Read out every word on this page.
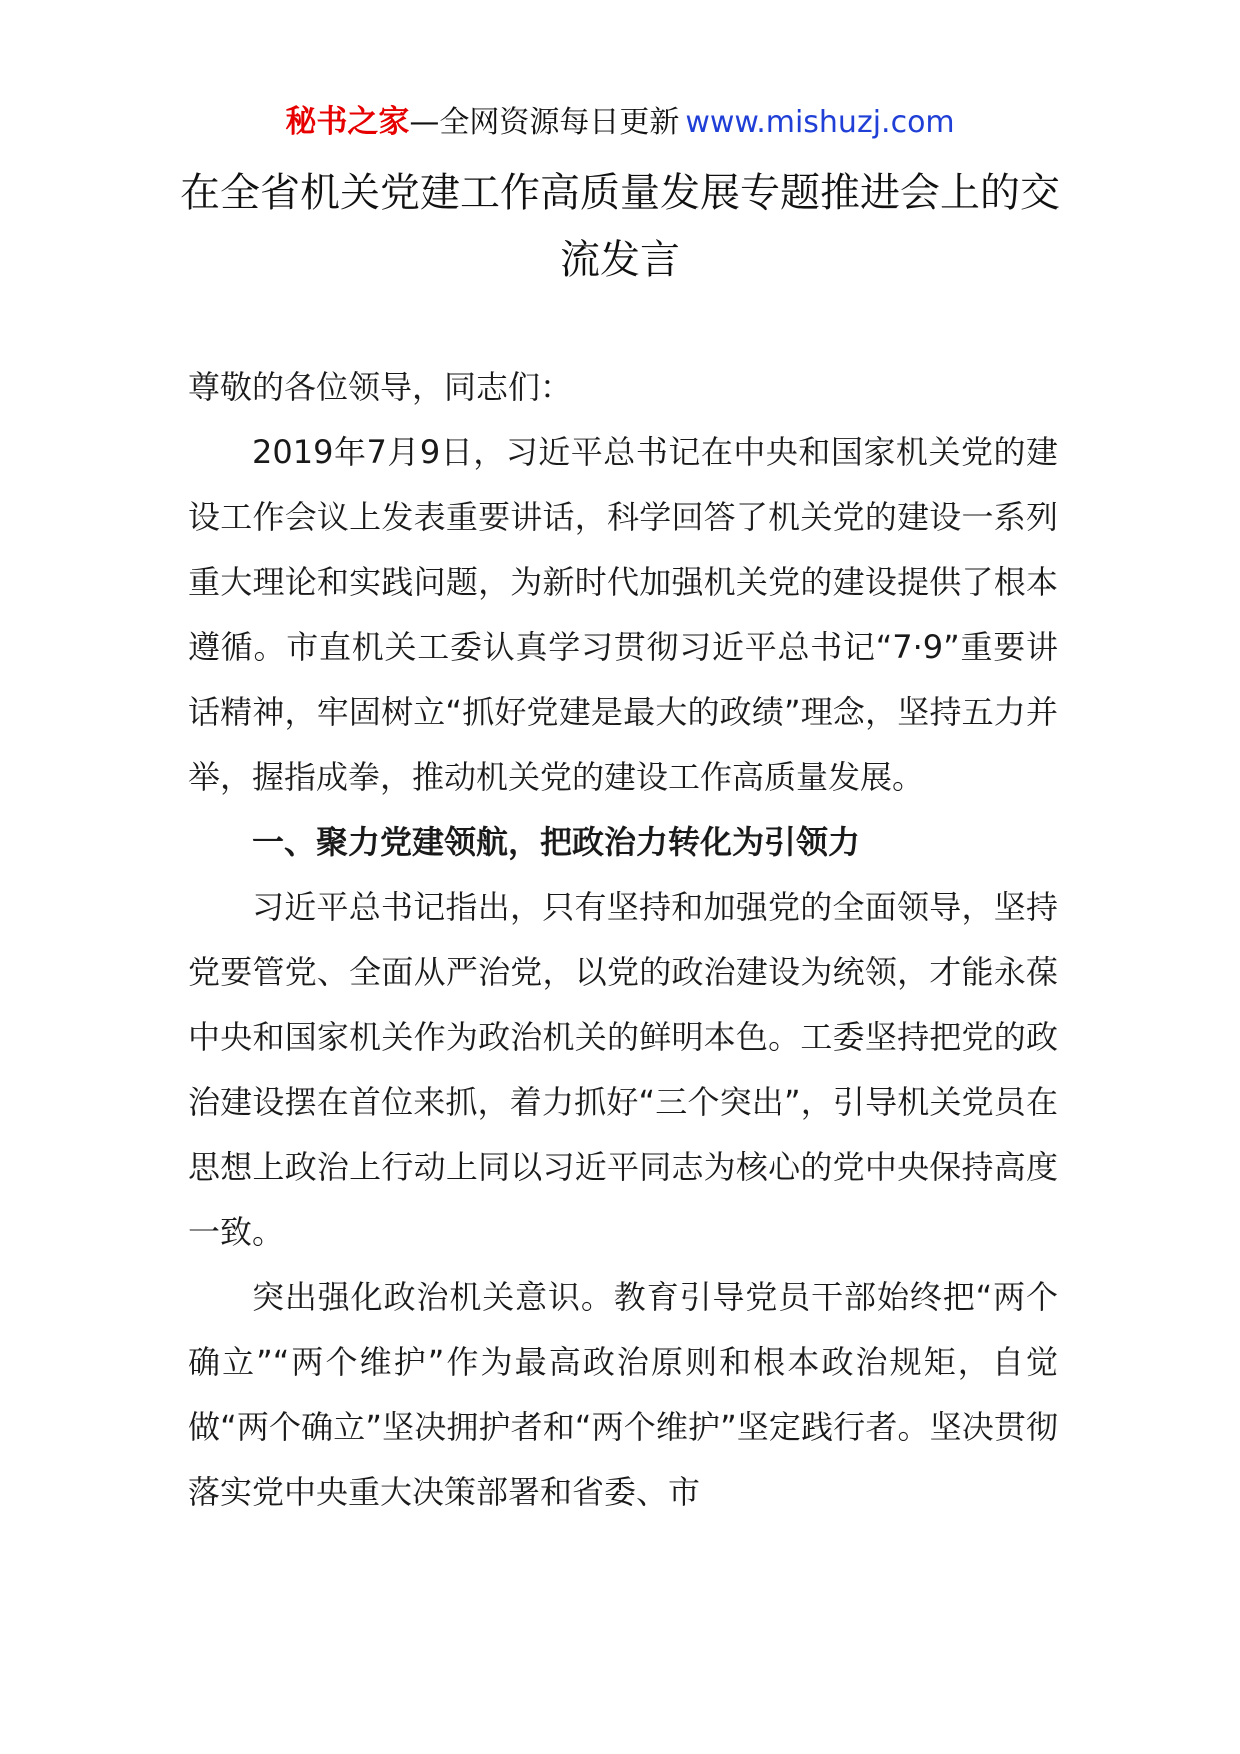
秘书之家—全网资源每日更新 www.mishuzj.com
在全省机关党建工作高质量发展专题推进会上的交流发言

尊敬的各位领导，同志们：

2019年7月9日，习近平总书记在中央和国家机关党的建设工作会议上发表重要讲话，科学回答了机关党的建设一系列重大理论和实践问题，为新时代加强机关党的建设提供了根本遵循。市直机关工委认真学习贯彻习近平总书记“7·9”重要讲话精神，牢固树立“抓好党建是最大的政绩”理念，坚持五力并举，握指成拳，推动机关党的建设工作高质量发展。

一、聚力党建领航，把政治力转化为引领力

习近平总书记指出，只有坚持和加强党的全面领导，坚持党要管党、全面从严治党，以党的政治建设为统领，才能永葆中央和国家机关作为政治机关的鲜明本色。工委坚持把党的政治建设摆在首位来抓，着力抓好“三个突出”，引导机关党员在思想上政治上行动上同以习近平同志为核心的党中央保持高度一致。

突出强化政治机关意识。教育引导党员干部始终把“两个确立”“两个维护”作为最高政治原则和根本政治规矩，自觉做“两个确立”坚决拥护者和“两个维护”坚定践行者。坚决贯彻落实党中央重大决策部署和省委、市
